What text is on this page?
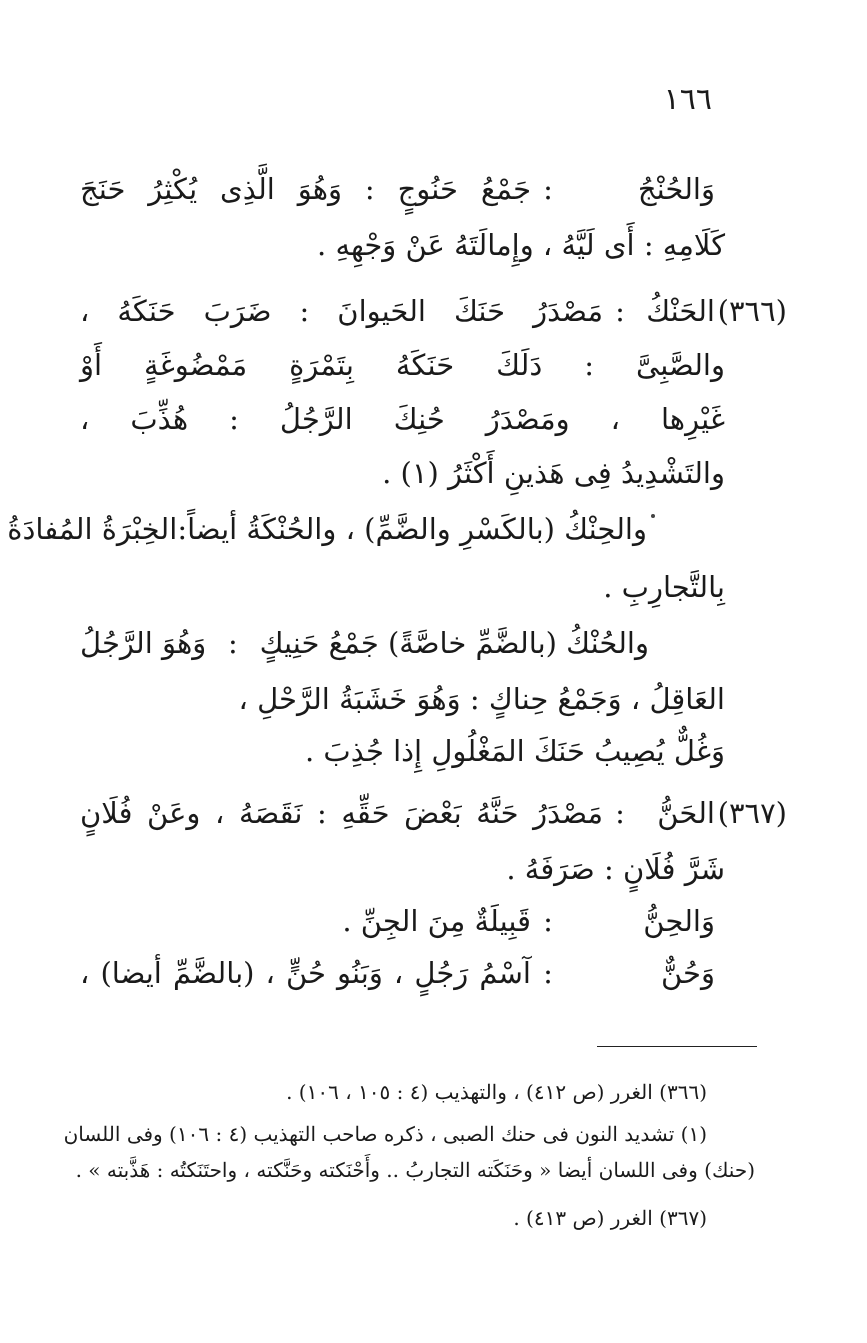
١٦٦
وَالحُنْجُ
:
جَمْعُ حَنُوجٍ : وَهُوَ الَّذِى يُكْثِرُ حَنَجَ
كَلَامِهِ : أَى لَيَّهُ ، وإِمالَتَهُ عَنْ وَجْهِهِ .
(٣٦٦)
الحَنْكُ
:
مَصْدَرُ حَنَكَ الحَيوانَ : ضَرَبَ حَنَكَهُ ،
والصَّبِىَّ : دَلَكَ حَنَكَهُ بِتَمْرَةٍ مَمْضُوغَةٍ أَوْ
غَيْرِها ، ومَصْدَرُ حُنِكَ الرَّجُلُ : هُذِّبَ ،
والتَشْدِيدُ فِى هَذينِ أَكْثَرُ (١) .
والحِنْكُ (بالكَسْرِ والضَّمِّ) ، والحُنْكَةُ أيضاً:
الخِبْرَةُ المُفادَةُ
بِالتَّجارِبِ .
والحُنْكُ (بالضَّمِّ خاصَّةً) جَمْعُ حَنِيكٍ
:
وَهُوَ الرَّجُلُ
العَاقِلُ ، وَجَمْعُ حِناكٍ : وَهُوَ خَشَبَةُ الرَّحْلِ ،
وَغُلٌّ يُصِيبُ حَنَكَ المَغْلُولِ إِذا جُذِبَ .
(٣٦٧)
الحَنُّ
:
مَصْدَرُ حَنَّهُ بَعْضَ حَقِّهِ : نَقَصَهُ ، وعَنْ فُلَانٍ
شَرَّ فُلَانٍ : صَرَفَهُ .
وَالحِنُّ
:
قَبِيلَةٌ مِنَ الجِنِّ .
وَحُنٌّ
:
آسْمُ رَجُلٍ ، وَبَنُو حُنٍّ ، (بالضَّمِّ أيضا) ،
(٣٦٦) الغرر (ص ٤١٢) ، والتهذيب (٤ : ١٠٥ ، ١٠٦) .
(١) تشديد النون فى حنك الصبى ، ذكره صاحب التهذيب (٤ : ١٠٦) وفى اللسان
(حنك) وفى اللسان أيضا « وحَنَكَته التجاربُ .. وأَحْنَكته وحَنَّكته ، واحتَنَكتُه : هَذَّبته » .
(٣٦٧) الغرر (ص ٤١٣) .
